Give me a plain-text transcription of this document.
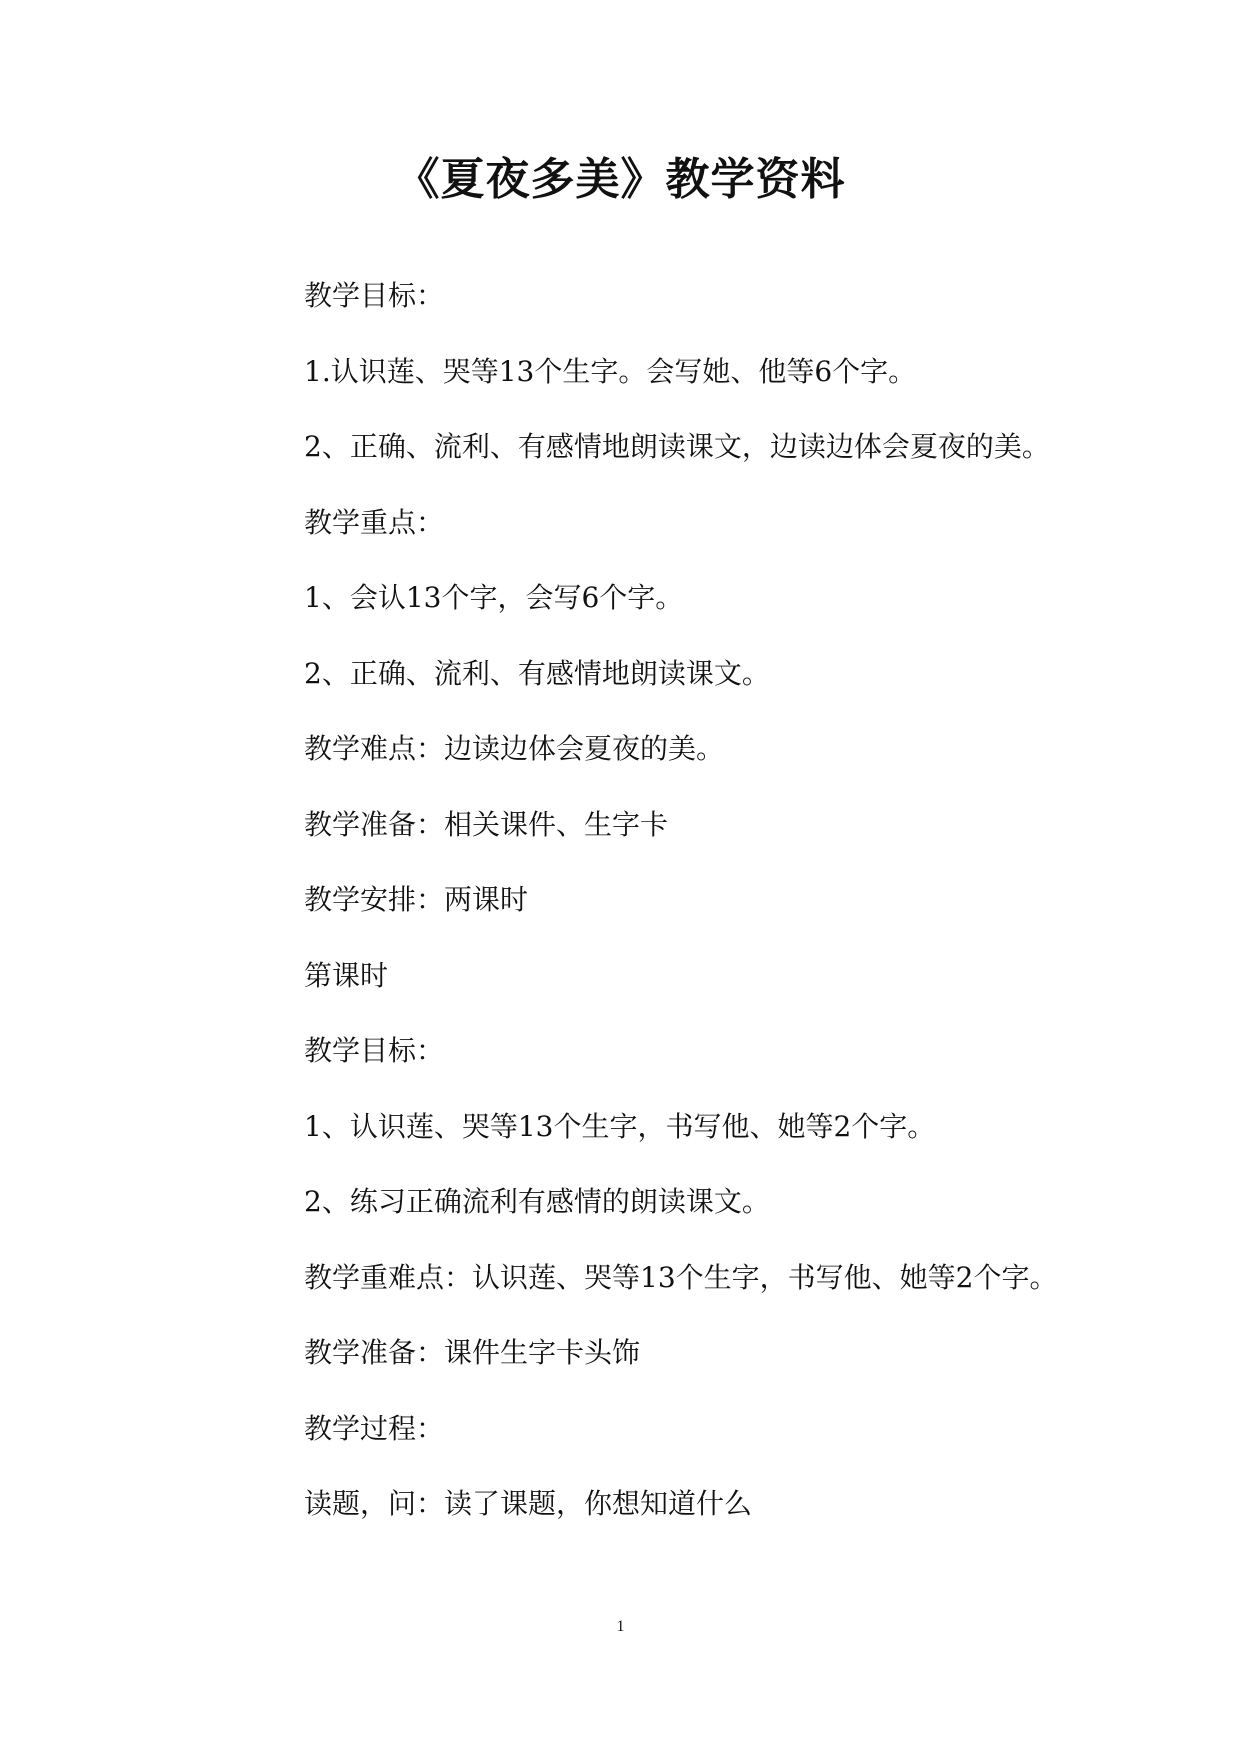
《夏夜多美》教学资料

教学目标：

1.认识莲、哭等13个生字。会写她、他等6个字。

2、正确、流利、有感情地朗读课文，边读边体会夏夜的美。

教学重点：

1、会认13个字，会写6个字。

2、正确、流利、有感情地朗读课文。

教学难点：边读边体会夏夜的美。

教学准备：相关课件、生字卡

教学安排：两课时

第课时

教学目标：

1、认识莲、哭等13个生字，书写他、她等2个字。

2、练习正确流利有感情的朗读课文。

教学重难点：认识莲、哭等13个生字，书写他、她等2个字。

教学准备：课件生字卡头饰

教学过程：

读题，问：读了课题，你想知道什么

1
